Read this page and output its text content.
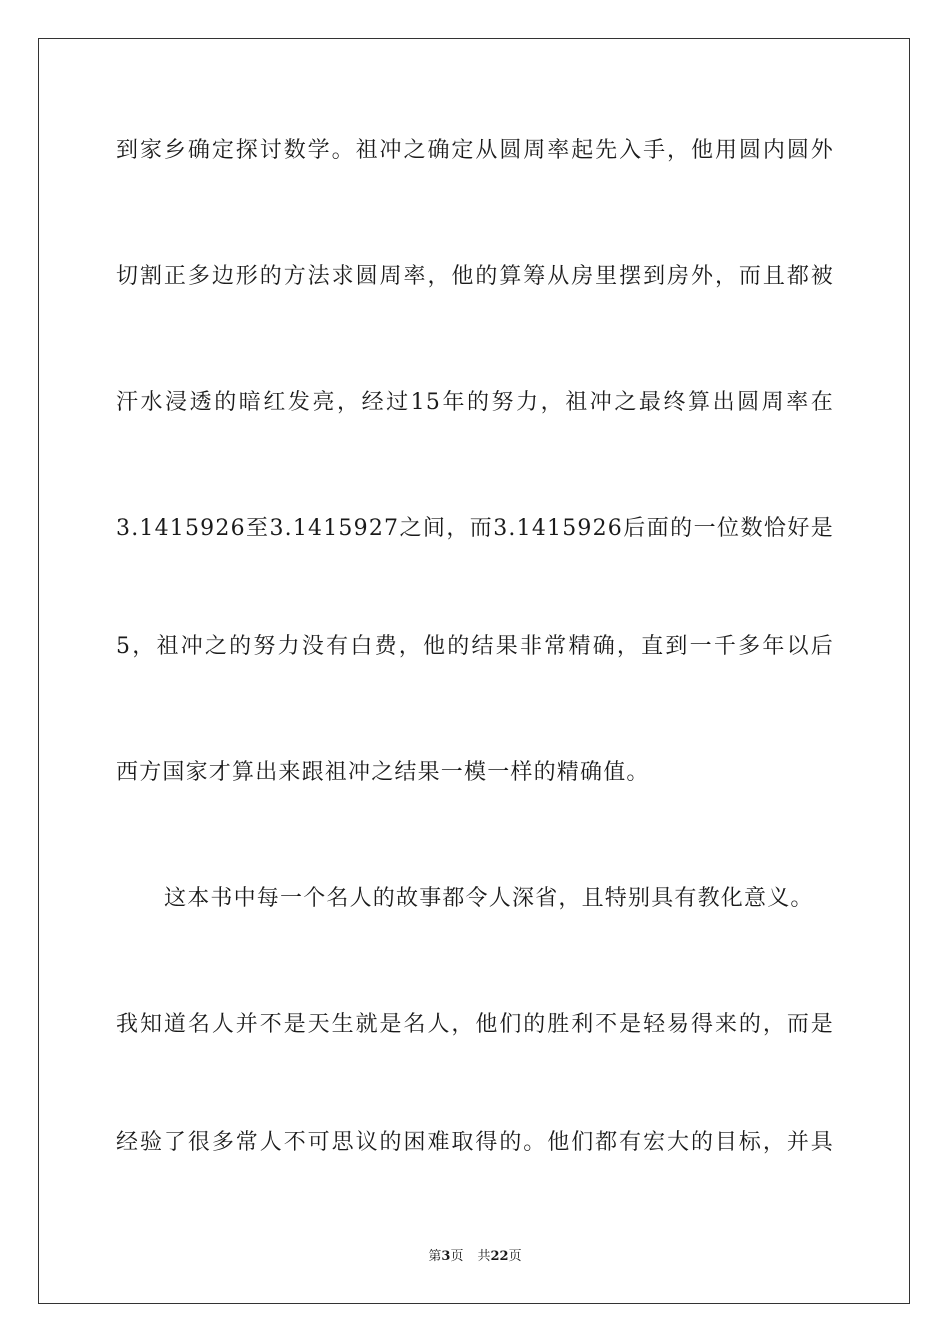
到家乡确定探讨数学。祖冲之确定从圆周率起先入手，他用圆内圆外
切割正多边形的方法求圆周率，他的算筹从房里摆到房外，而且都被
汗水浸透的暗红发亮，经过15年的努力，祖冲之最终算出圆周率在
3.1415926至3.1415927之间，而3.1415926后面的一位数恰好是
5，祖冲之的努力没有白费，他的结果非常精确，直到一千多年以后
西方国家才算出来跟祖冲之结果一模一样的精确值。
这本书中每一个名人的故事都令人深省，且特别具有教化意义。
我知道名人并不是天生就是名人，他们的胜利不是轻易得来的，而是
经验了很多常人不可思议的困难取得的。他们都有宏大的目标，并具
第3页 共22页
